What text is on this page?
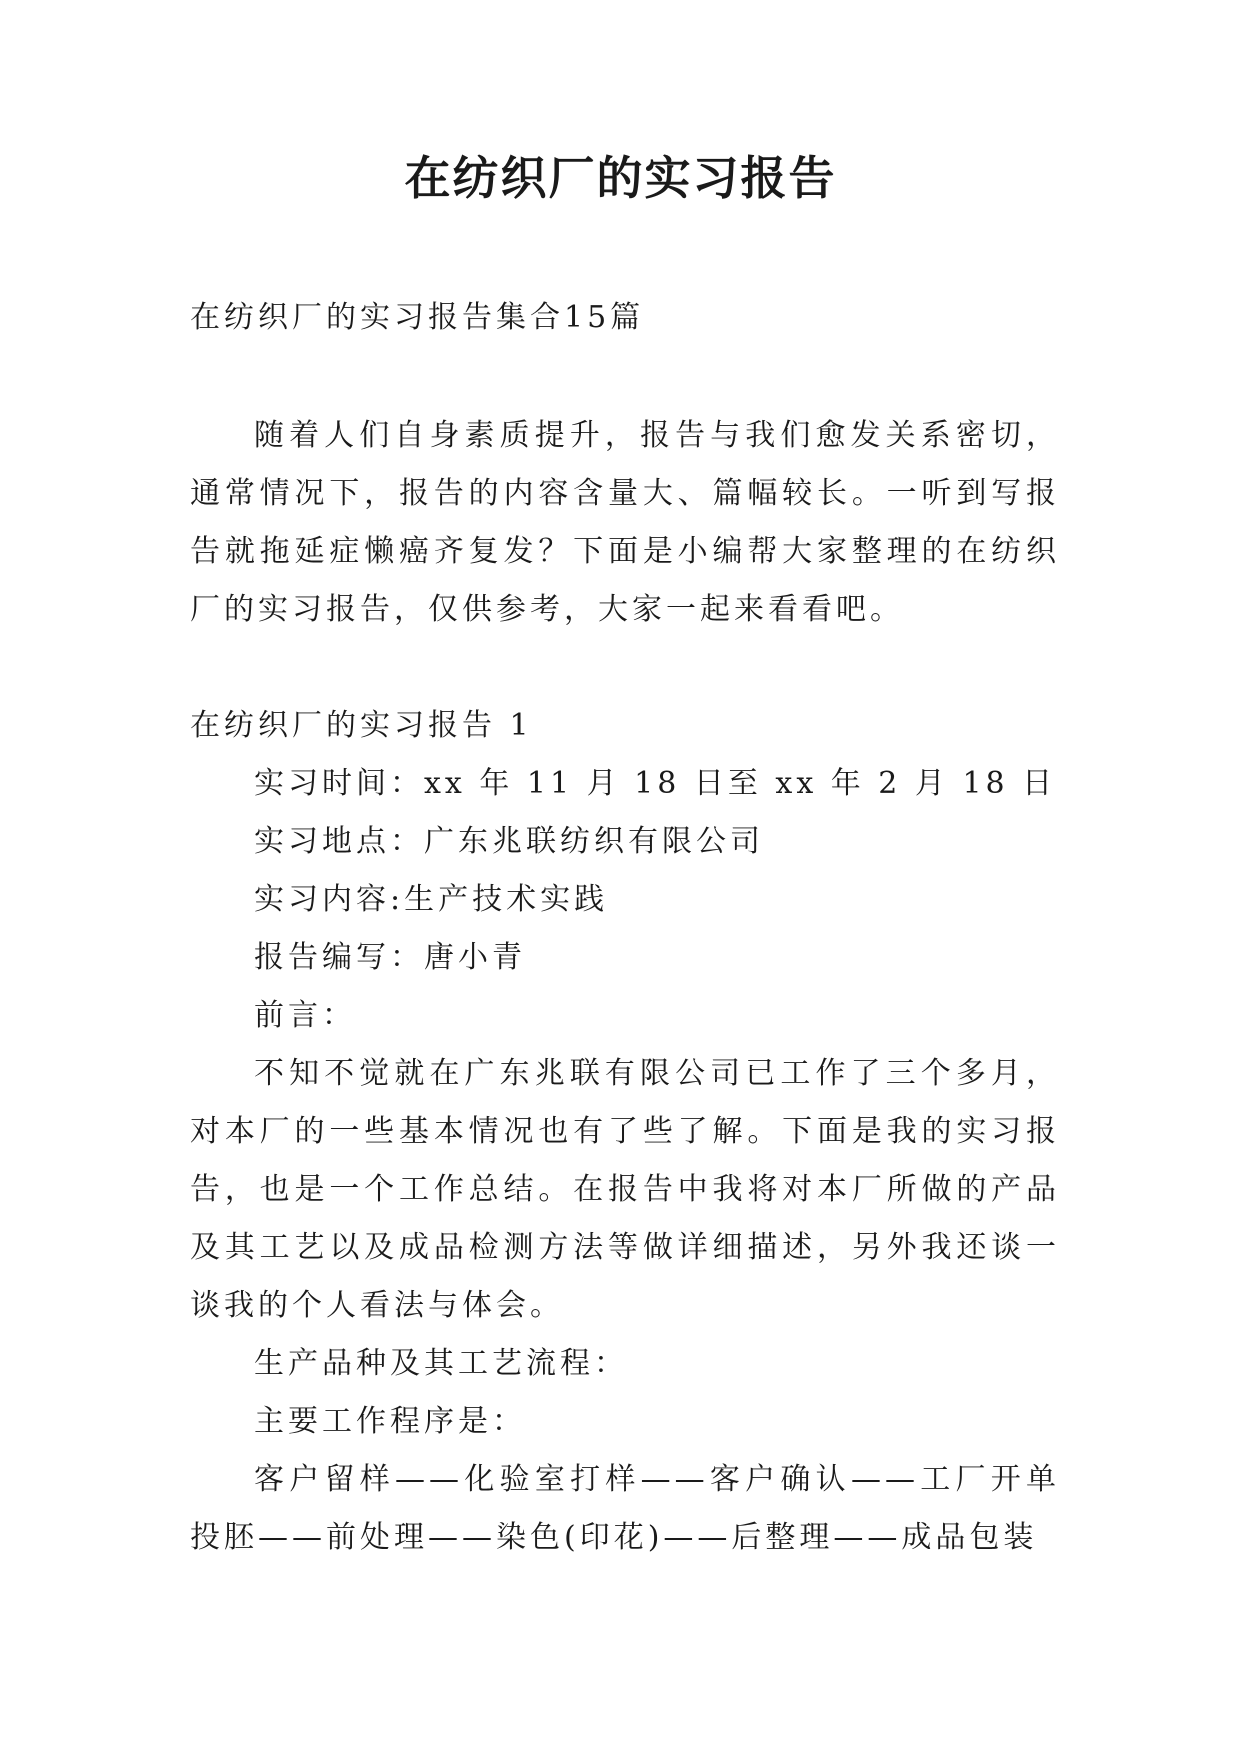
在纺织厂的实习报告

在纺织厂的实习报告集合15篇

随着人们自身素质提升，报告与我们愈发关系密切，通常情况下，报告的内容含量大、篇幅较长。一听到写报告就拖延症懒癌齐复发？下面是小编帮大家整理的在纺织厂的实习报告，仅供参考，大家一起来看看吧。

在纺织厂的实习报告 1

实习时间：xx 年 11 月 18 日至 xx 年 2 月 18 日

实习地点：广东兆联纺织有限公司

实习内容:生产技术实践

报告编写：唐小青

前言：

不知不觉就在广东兆联有限公司已工作了三个多月，对本厂的一些基本情况也有了些了解。下面是我的实习报告，也是一个工作总结。在报告中我将对本厂所做的产品及其工艺以及成品检测方法等做详细描述，另外我还谈一谈我的个人看法与体会。

生产品种及其工艺流程：

主要工作程序是：

客户留样——化验室打样——客户确认——工厂开单投胚——前处理——染色(印花)——后整理——成品包装
